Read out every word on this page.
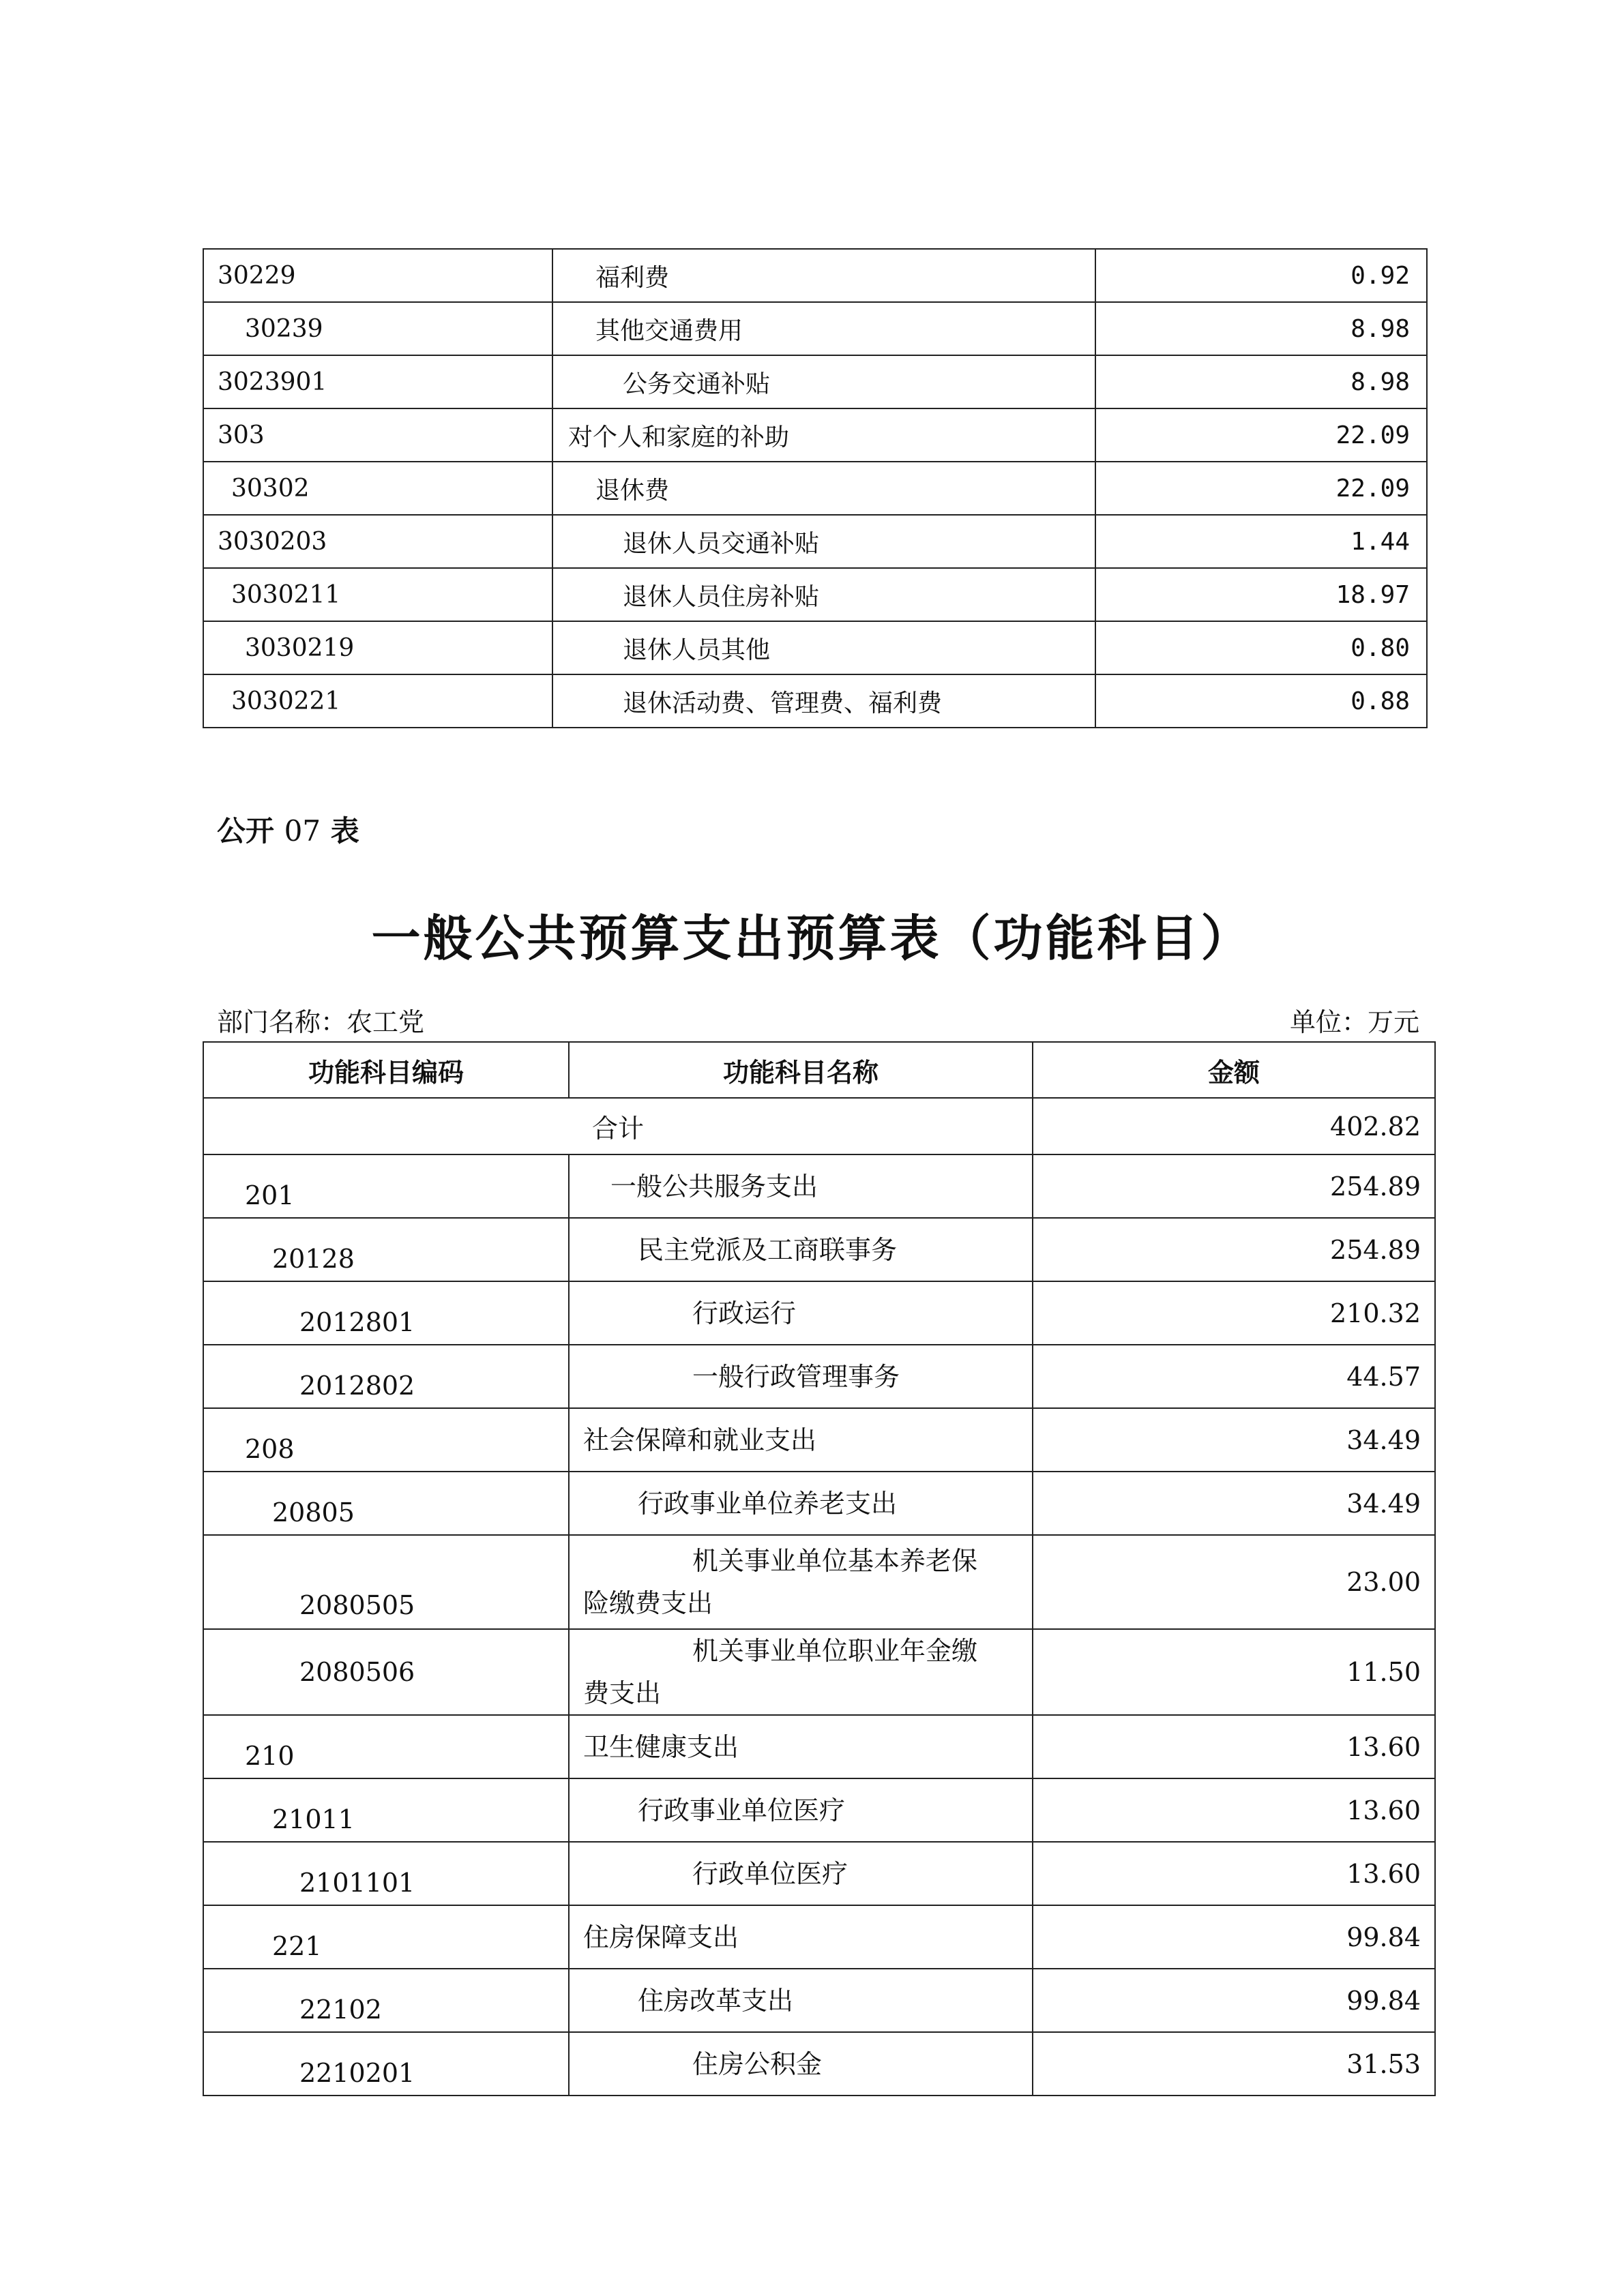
30229	福利费	0.92
30239	其他交通费用	8.98
3023901	公务交通补贴	8.98
303	对个人和家庭的补助	22.09
30302	退休费	22.09
3030203	退休人员交通补贴	1.44
3030211	退休人员住房补贴	18.97
3030219	退休人员其他	0.80
3030221	退休活动费、管理费、福利费	0.88
公开 07 表
一般公共预算支出预算表（功能科目）
部门名称：农工党	单位：万元
功能科目编码	功能科目名称	金额
合计		402.82
201	一般公共服务支出	254.89
20128	民主党派及工商联事务	254.89
2012801	行政运行	210.32
2012802	一般行政管理事务	44.57
208	社会保障和就业支出	34.49
20805	行政事业单位养老支出	34.49
2080505	机关事业单位基本养老保
险缴费支出	23.00
2080506	机关事业单位职业年金缴
费支出	11.50
210	卫生健康支出	13.60
21011	行政事业单位医疗	13.60
2101101	行政单位医疗	13.60
221	住房保障支出	99.84
22102	住房改革支出	99.84
2210201	住房公积金	31.53
